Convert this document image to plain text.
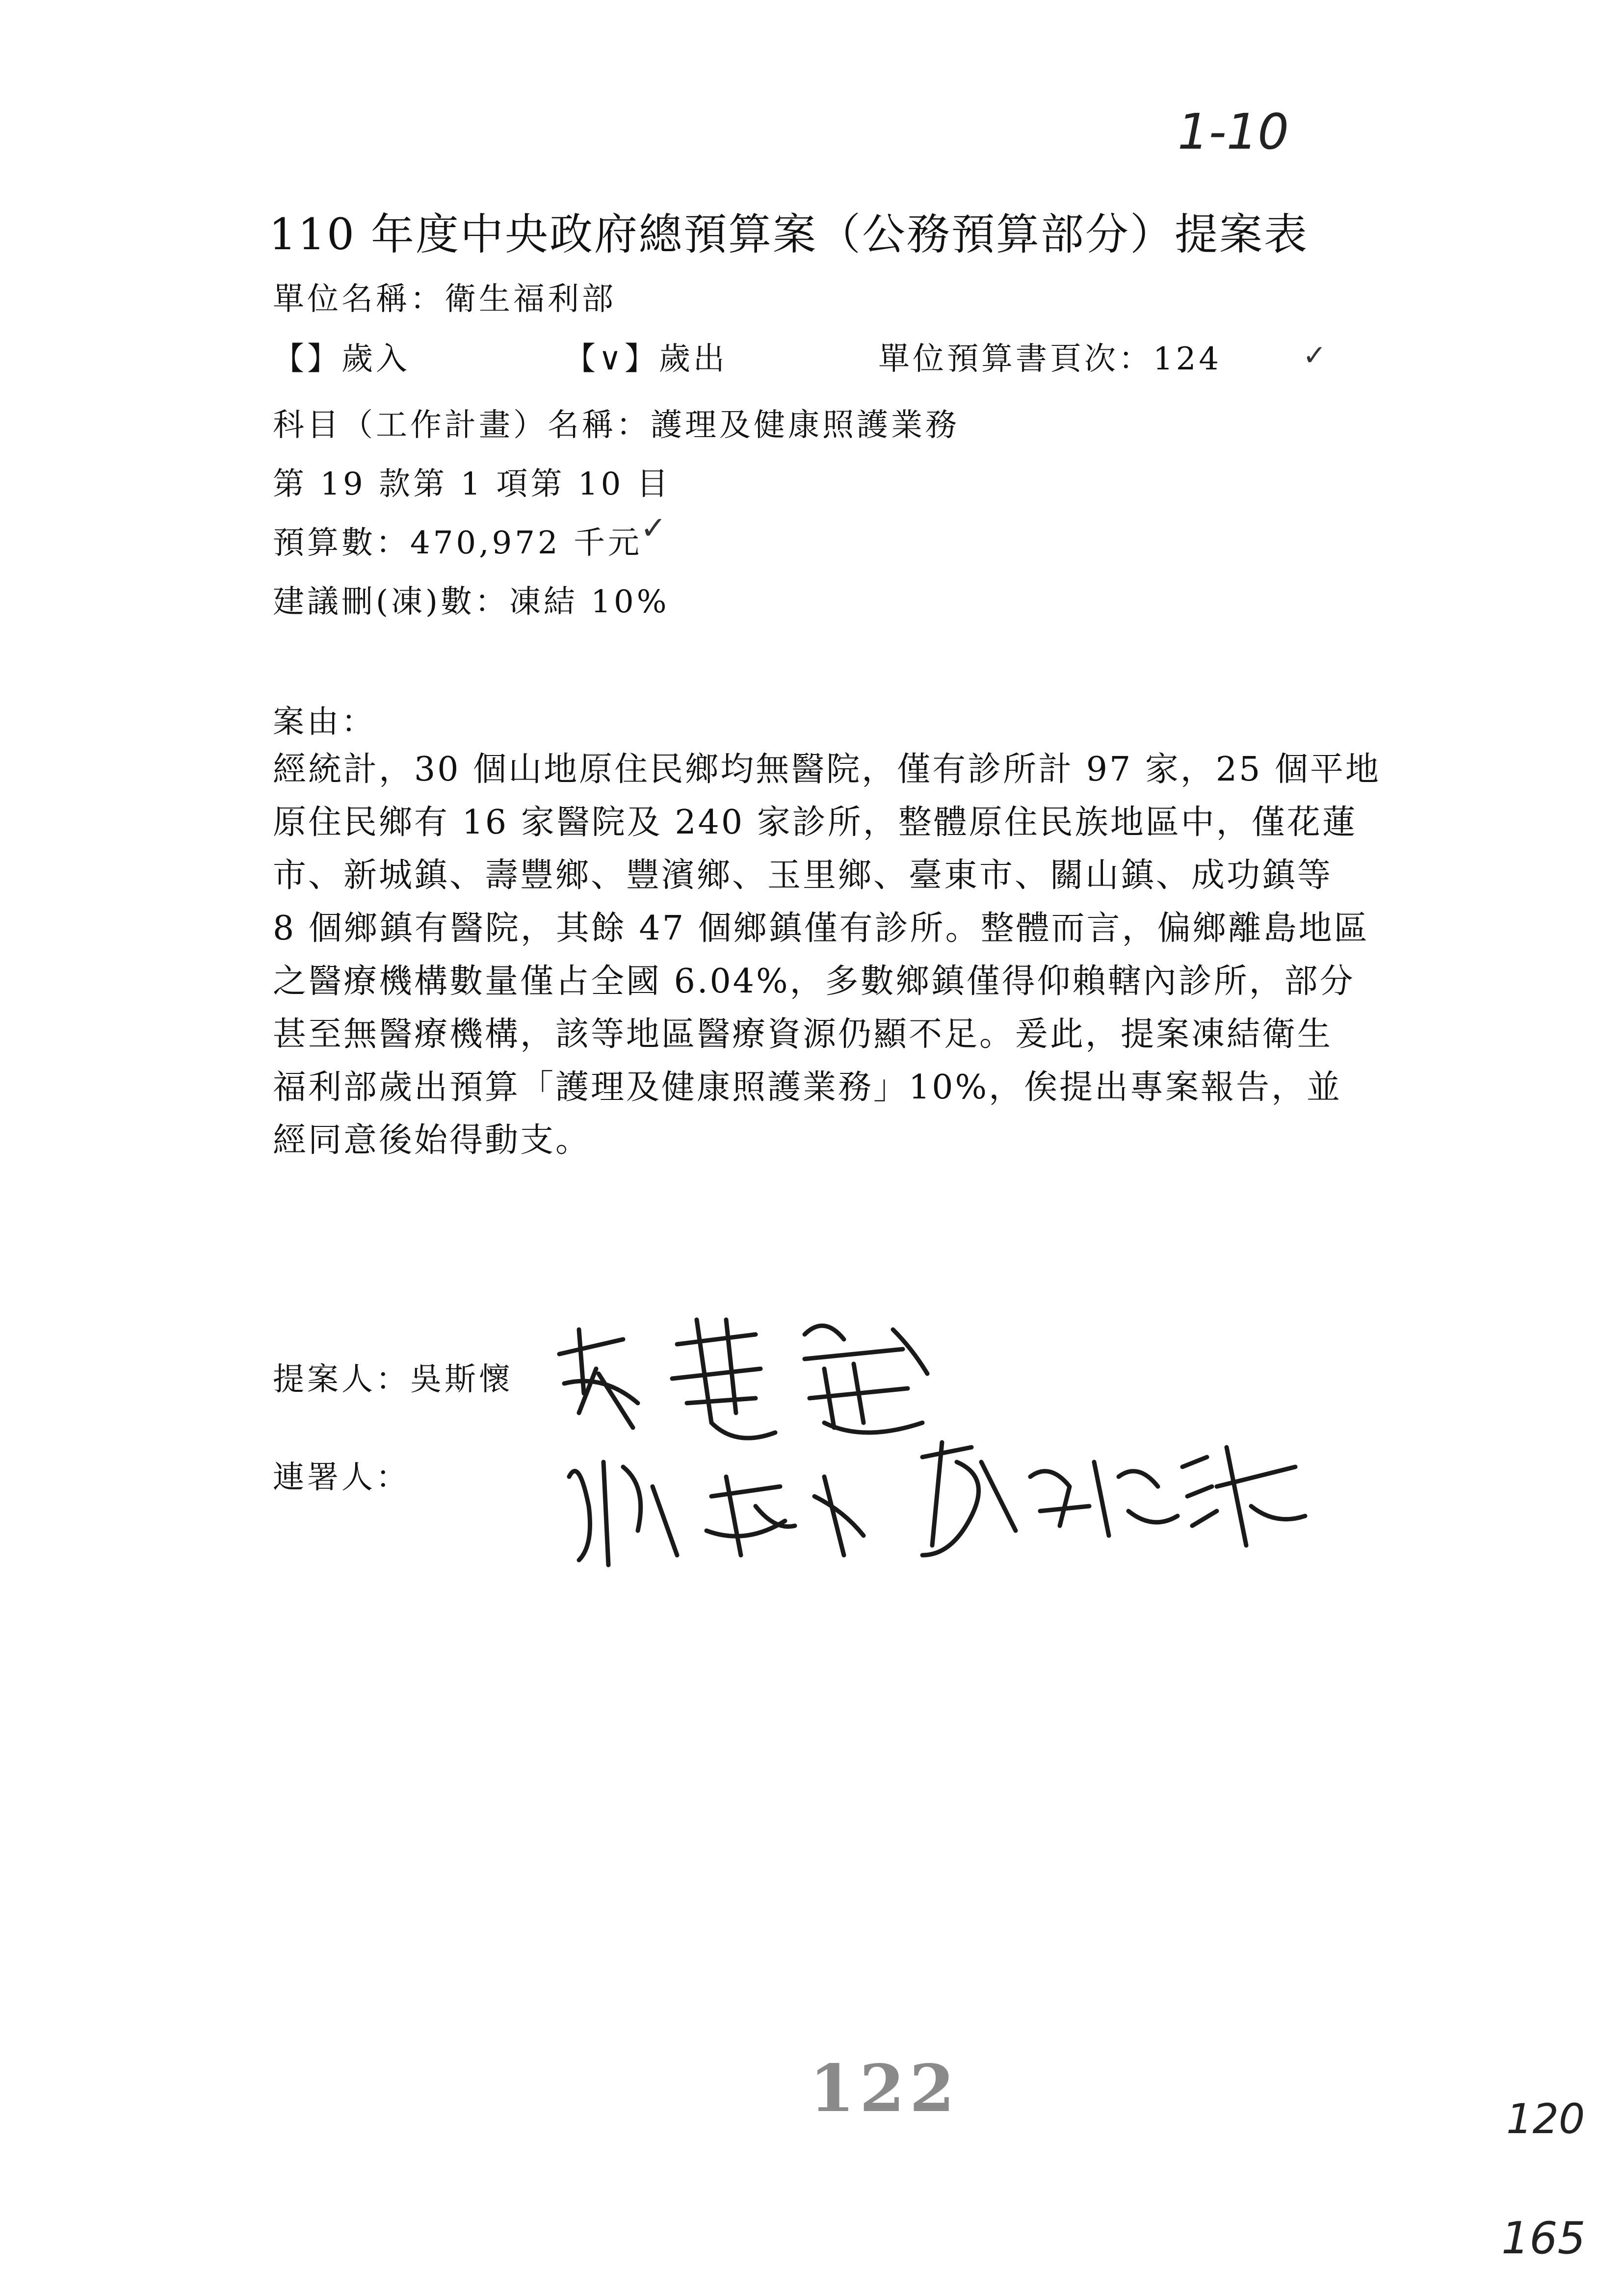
1-10
110 年度中央政府總預算案（公務預算部分）提案表
單位名稱：衛生福利部
【】歲入	【∨】歲出	單位預算書頁次：124	✓
科目（工作計畫）名稱：護理及健康照護業務
第 19 款第 1 項第 10 目
預算數：470,972 千元
✓
建議刪(凍)數：凍結 10%
案由：
經統計，30 個山地原住民鄉均無醫院，僅有診所計 97 家，25 個平地
原住民鄉有 16 家醫院及 240 家診所，整體原住民族地區中，僅花蓮
市、新城鎮、壽豐鄉、豐濱鄉、玉里鄉、臺東市、關山鎮、成功鎮等
8 個鄉鎮有醫院，其餘 47 個鄉鎮僅有診所。整體而言，偏鄉離島地區
之醫療機構數量僅占全國 6.04%，多數鄉鎮僅得仰賴轄內診所，部分
甚至無醫療機構，該等地區醫療資源仍顯不足。爰此，提案凍結衛生
福利部歲出預算「護理及健康照護業務」10%，俟提出專案報告，並
經同意後始得動支。
提案人：吳斯懷
連署人：
122	120
165
